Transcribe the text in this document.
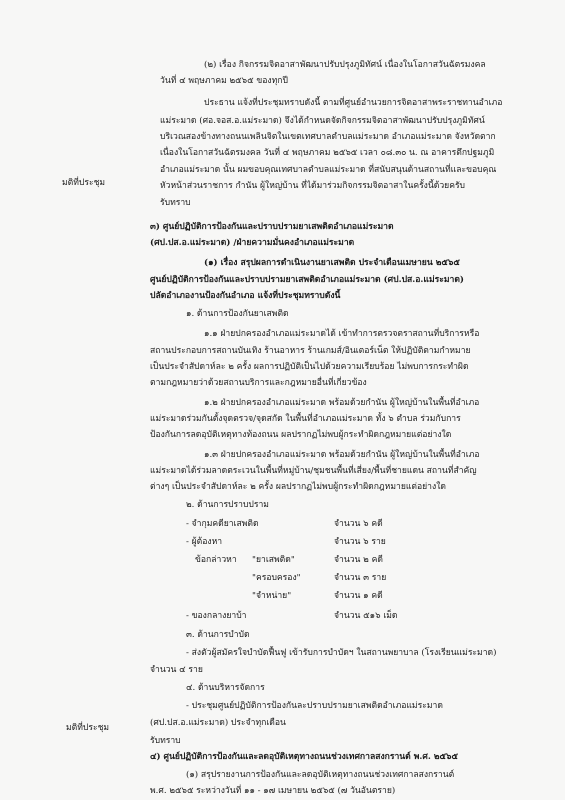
(๒) เรื่อง กิจกรรมจิตอาสาพัฒนาปรับปรุงภูมิทัศน์ เนื่องในโอกาสวันฉัตรมงคล
วันที่ ๔ พฤษภาคม ๒๕๖๕ ของทุกปี
ประธาน แจ้งที่ประชุมทราบดังนี้ ตามที่ศูนย์อำนวยการจิตอาสาพระราชทานอำเภอ
แม่ระมาด (ศอ.จอส.อ.แม่ระมาด) จึงได้กำหนดจัดกิจกรรมจิตอาสาพัฒนาปรับปรุงภูมิทัศน์
บริเวณสองข้างทางถนนเพลินจิตในเขตเทศบาลตำบลแม่ระมาด อำเภอแม่ระมาด จังหวัดตาก
เนื่องในโอกาสวันฉัตรมงคล วันที่ ๔ พฤษภาคม ๒๕๖๕ เวลา ๐๘.๓๐ น. ณ อาคารตึกปฐมภูมิ
อำเภอแม่ระมาด นั้น ผมขอบคุณเทศบาลตำบลแม่ระมาด ที่สนับสนุนด้านสถานที่และขอบคุณ
หัวหน้าส่วนราชการ กำนัน ผู้ใหญ่บ้าน ที่ได้มาร่วมกิจกรรมจิตอาสาในครั้งนี้ด้วยครับ
มติที่ประชุม
รับทราบ
๓) ศูนย์ปฏิบัติการป้องกันและปราบปรามยาเสพติดอำเภอแม่ระมาด
(ศป.ปส.อ.แม่ระมาด) /ฝ่ายความมั่นคงอำเภอแม่ระมาด
(๑) เรื่อง สรุปผลการดำเนินงานยาเสพติด ประจำเดือนเมษายน ๒๕๖๕
ศูนย์ปฏิบัติการป้องกันและปราบปรามยาเสพติดอำเภอแม่ระมาด (ศป.ปส.อ.แม่ระมาด)
ปลัดอำเภองานป้องกันอำเภอ แจ้งที่ประชุมทราบดังนี้
๑. ด้านการป้องกันยาเสพติด
๑.๑ ฝ่ายปกครองอำเภอแม่ระมาดได้ เข้าทำการตรวจตราสถานที่บริการหรือ
สถานประกอบการสถานบันเทิง ร้านอาหาร ร้านเกมส์/อินเตอร์เน็ต ให้ปฏิบัติตามกำหมาย
เป็นประจำสัปดาห์ละ ๒ ครั้ง ผลการปฏิบัติเป็นไปด้วยความเรียบร้อย ไม่พบการกระทำผิด
ตามกฎหมายว่าด้วยสถานบริการและกฎหมายอื่นที่เกี่ยวข้อง
๑.๒ ฝ่ายปกครองอำเภอแม่ระมาด พร้อมด้วยกำนัน ผู้ใหญ่บ้านในพื้นที่อำเภอ
แม่ระมาดร่วมกันตั้งจุดตรวจ/จุดสกัด ในพื้นที่อำเภอแม่ระมาด ทั้ง ๖ ตำบล ร่วมกับการ
ป้องกันการลดอุบัติเหตุทางท้องถนน ผลปรากฏไม่พบผู้กระทำผิดกฎหมายแต่อย่างใด
๑.๓ ฝ่ายปกครองอำเภอแม่ระมาด พร้อมด้วยกำนัน ผู้ใหญ่บ้านในพื้นที่อำเภอ
แม่ระมาดได้ร่วมลาดตระเวนในพื้นที่หมู่บ้าน/ชุมชนพื้นที่เสี่ยง/พื้นที่ชายแดน สถานที่สำคัญ
ต่างๆ เป็นประจำสัปดาห์ละ ๒ ครั้ง ผลปรากฏไม่พบผู้กระทำผิดกฎหมายแต่อย่างใด
๒. ด้านการปราบปราม
- จำกุมคดียาเสพติด	จำนวน ๖ คดี
- ผู้ต้องหา	จำนวน ๖ ราย
ข้อกล่าวหา "ยาเสพติด"	จำนวน ๒ คดี
"ครอบครอง"	จำนวน ๓ ราย
"จำหน่าย"	จำนวน ๑ คดี
- ของกลางยาบ้า	จำนวน ๕๑๖ เม็ด
๓. ด้านการบำบัด
- ส่งตัวผู้สมัครใจบำบัดฟื้นฟู เข้ารับการบำบัดฯ ในสถานพยาบาล (โรงเรียนแม่ระมาด)
จำนวน ๔ ราย
๔. ด้านบริหารจัดการ
- ประชุมศูนย์ปฏิบัติการป้องกันละปราบปรามยาเสพติดอำเภอแม่ระมาด
(ศป.ปส.อ.แม่ระมาด) ประจำทุกเดือน
มติที่ประชุม
รับทราบ
๔) ศูนย์ปฏิบัติการป้องกันและลดอุบัติเหตุทางถนนช่วงเทศกาลสงกรานต์ พ.ศ. ๒๕๖๕
(๑) สรุปรายงานการป้องกันและลดอุบัติเหตุทางถนนช่วงเทศกาลสงกรานต์
พ.ศ. ๒๕๖๕ ระหว่างวันที่ ๑๑ - ๑๗ เมษายน ๒๕๖๕ (๗ วันอันตราย)
